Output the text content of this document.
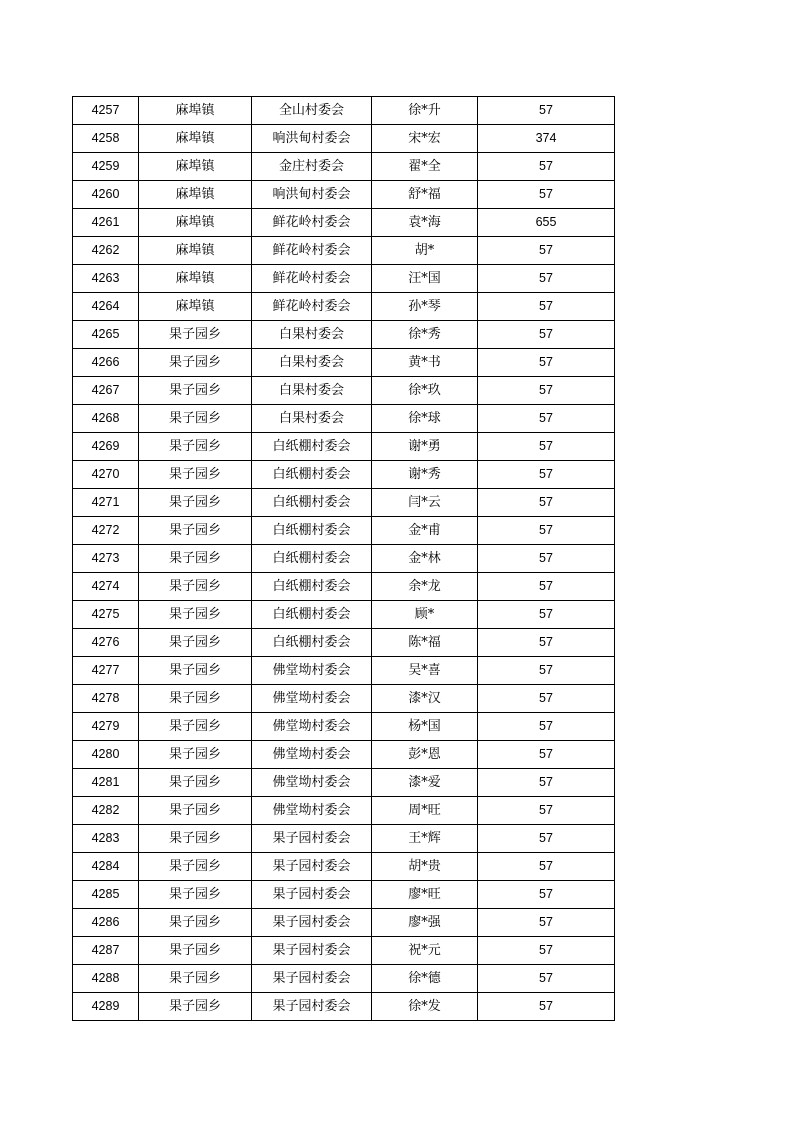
4257	麻埠镇	全山村委会	徐*升	57
4258	麻埠镇	响洪甸村委会	宋*宏	374
4259	麻埠镇	金庄村委会	翟*全	57
4260	麻埠镇	响洪甸村委会	舒*福	57
4261	麻埠镇	鲜花岭村委会	袁*海	655
4262	麻埠镇	鲜花岭村委会	胡*	57
4263	麻埠镇	鲜花岭村委会	汪*国	57
4264	麻埠镇	鲜花岭村委会	孙*琴	57
4265	果子园乡	白果村委会	徐*秀	57
4266	果子园乡	白果村委会	黄*书	57
4267	果子园乡	白果村委会	徐*玖	57
4268	果子园乡	白果村委会	徐*球	57
4269	果子园乡	白纸棚村委会	谢*勇	57
4270	果子园乡	白纸棚村委会	谢*秀	57
4271	果子园乡	白纸棚村委会	闫*云	57
4272	果子园乡	白纸棚村委会	金*甫	57
4273	果子园乡	白纸棚村委会	金*林	57
4274	果子园乡	白纸棚村委会	余*龙	57
4275	果子园乡	白纸棚村委会	顾*	57
4276	果子园乡	白纸棚村委会	陈*福	57
4277	果子园乡	佛堂坳村委会	吴*喜	57
4278	果子园乡	佛堂坳村委会	漆*汉	57
4279	果子园乡	佛堂坳村委会	杨*国	57
4280	果子园乡	佛堂坳村委会	彭*恩	57
4281	果子园乡	佛堂坳村委会	漆*爱	57
4282	果子园乡	佛堂坳村委会	周*旺	57
4283	果子园乡	果子园村委会	王*辉	57
4284	果子园乡	果子园村委会	胡*贵	57
4285	果子园乡	果子园村委会	廖*旺	57
4286	果子园乡	果子园村委会	廖*强	57
4287	果子园乡	果子园村委会	祝*元	57
4288	果子园乡	果子园村委会	徐*德	57
4289	果子园乡	果子园村委会	徐*发	57
